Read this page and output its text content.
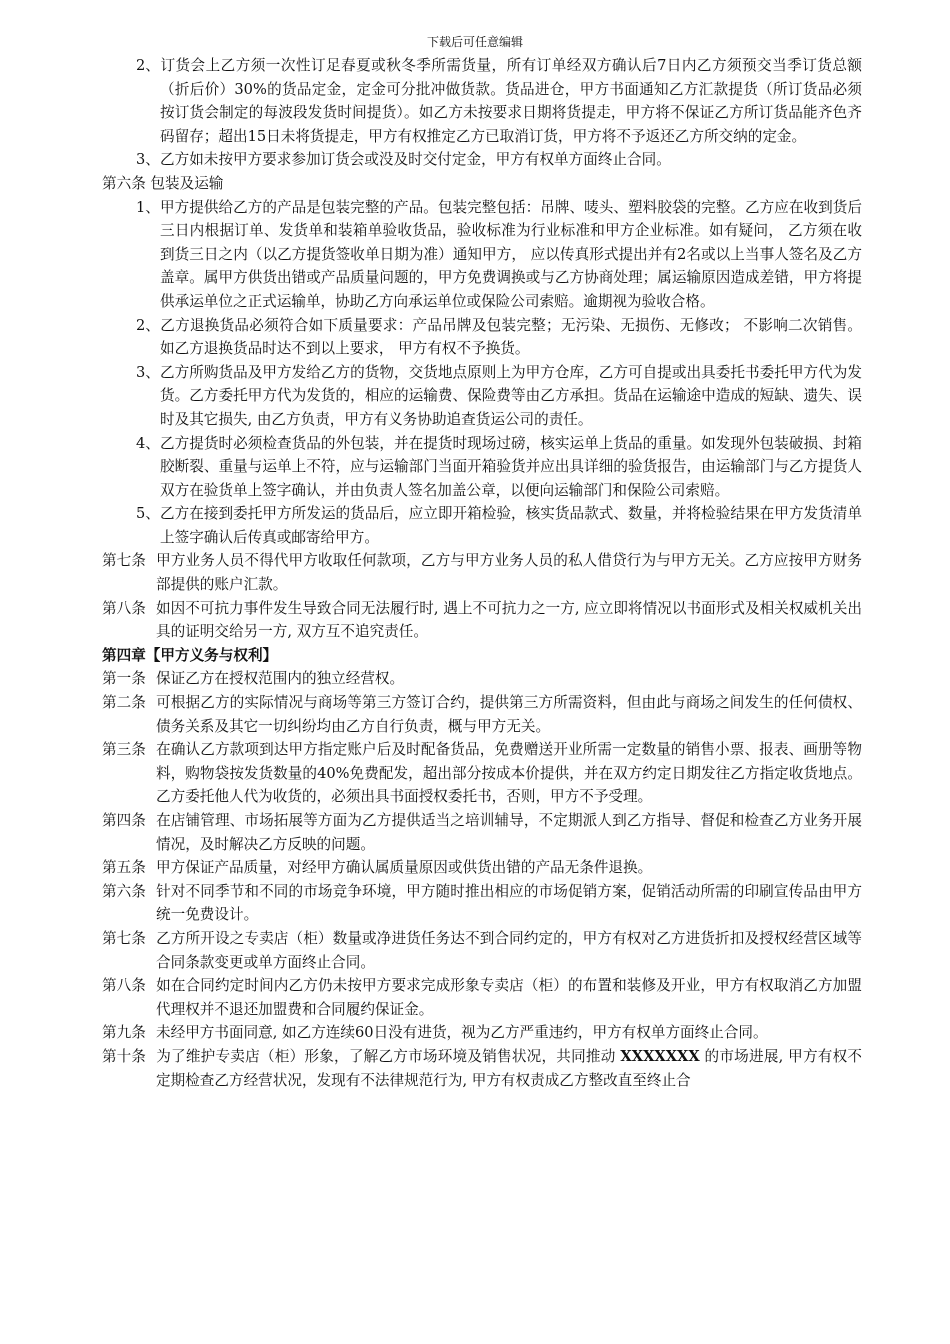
下载后可任意编辑
2、订货会上乙方须一次性订足春夏或秋冬季所需货量，所有订单经双方确认后7日内乙方须预交当季订货总额（折后价）30%的货品定金，定金可分批冲做货款。货品进仓，甲方书面通知乙方汇款提货（所订货品必须按订货会制定的每波段发货时间提货）。如乙方未按要求日期将货提走，甲方将不保证乙方所订货品能齐色齐码留存；超出15日未将货提走，甲方有权推定乙方已取消订货，甲方将不予返还乙方所交纳的定金。
3、乙方如未按甲方要求参加订货会或没及时交付定金，甲方有权单方面终止合同。
第六条 包装及运输
1、甲方提供给乙方的产品是包装完整的产品。包装完整包括：吊牌、唛头、塑料胶袋的完整。乙方应在收到货后三日内根据订单、发货单和装箱单验收货品，验收标准为行业标准和甲方企业标准。如有疑问， 乙方须在收到货三日之内（以乙方提货签收单日期为准）通知甲方， 应以传真形式提出并有2名或以上当事人签名及乙方盖章。属甲方供货出错或产品质量问题的，甲方免费调换或与乙方协商处理；属运输原因造成差错，甲方将提供承运单位之正式运输单，协助乙方向承运单位或保险公司索赔。逾期视为验收合格。
2、乙方退换货品必须符合如下质量要求：产品吊牌及包装完整；无污染、无损伤、无修改； 不影响二次销售。如乙方退换货品时达不到以上要求， 甲方有权不予换货。
3、乙方所购货品及甲方发给乙方的货物，交货地点原则上为甲方仓库，乙方可自提或出具委托书委托甲方代为发货。乙方委托甲方代为发货的，相应的运输费、保险费等由乙方承担。货品在运输途中造成的短缺、遗失、误时及其它损失, 由乙方负责，甲方有义务协助追查货运公司的责任。
4、乙方提货时必须检查货品的外包装，并在提货时现场过磅，核实运单上货品的重量。如发现外包装破损、封箱胶断裂、重量与运单上不符，应与运输部门当面开箱验货并应出具详细的验货报告，由运输部门与乙方提货人双方在验货单上签字确认，并由负责人签名加盖公章，以便向运输部门和保险公司索赔。
5、乙方在接到委托甲方所发运的货品后，应立即开箱检验，核实货品款式、数量，并将检验结果在甲方发货清单上签字确认后传真或邮寄给甲方。
第七条 甲方业务人员不得代甲方收取任何款项，乙方与甲方业务人员的私人借贷行为与甲方无关。乙方应按甲方财务部提供的账户汇款。
第八条 如因不可抗力事件发生导致合同无法履行时, 遇上不可抗力之一方, 应立即将情况以书面形式及相关权威机关出具的证明交给另一方, 双方互不追究责任。
第四章【甲方义务与权利】
第一条 保证乙方在授权范围内的独立经营权。
第二条 可根据乙方的实际情况与商场等第三方签订合约，提供第三方所需资料，但由此与商场之间发生的任何债权、债务关系及其它一切纠纷均由乙方自行负责，概与甲方无关。
第三条 在确认乙方款项到达甲方指定账户后及时配备货品，免费赠送开业所需一定数量的销售小票、报表、画册等物料，购物袋按发货数量的40%免费配发，超出部分按成本价提供，并在双方约定日期发往乙方指定收货地点。乙方委托他人代为收货的，必须出具书面授权委托书，否则，甲方不予受理。
第四条 在店铺管理、市场拓展等方面为乙方提供适当之培训辅导，不定期派人到乙方指导、督促和检查乙方业务开展情况，及时解决乙方反映的问题。
第五条 甲方保证产品质量，对经甲方确认属质量原因或供货出错的产品无条件退换。
第六条 针对不同季节和不同的市场竞争环境，甲方随时推出相应的市场促销方案，促销活动所需的印刷宣传品由甲方统一免费设计。
第七条 乙方所开设之专卖店（柜）数量或净进货任务达不到合同约定的，甲方有权对乙方进货折扣及授权经营区域等合同条款变更或单方面终止合同。
第八条 如在合同约定时间内乙方仍未按甲方要求完成形象专卖店（柜）的布置和装修及开业，甲方有权取消乙方加盟代理权并不退还加盟费和合同履约保证金。
第九条 未经甲方书面同意, 如乙方连续60日没有进货，视为乙方严重违约，甲方有权单方面终止合同。
第十条 为了维护专卖店（柜）形象，了解乙方市场环境及销售状况，共同推动 XXXXXXX 的市场进展, 甲方有权不定期检查乙方经营状况，发现有不法律规范行为, 甲方有权责成乙方整改直至终止合
